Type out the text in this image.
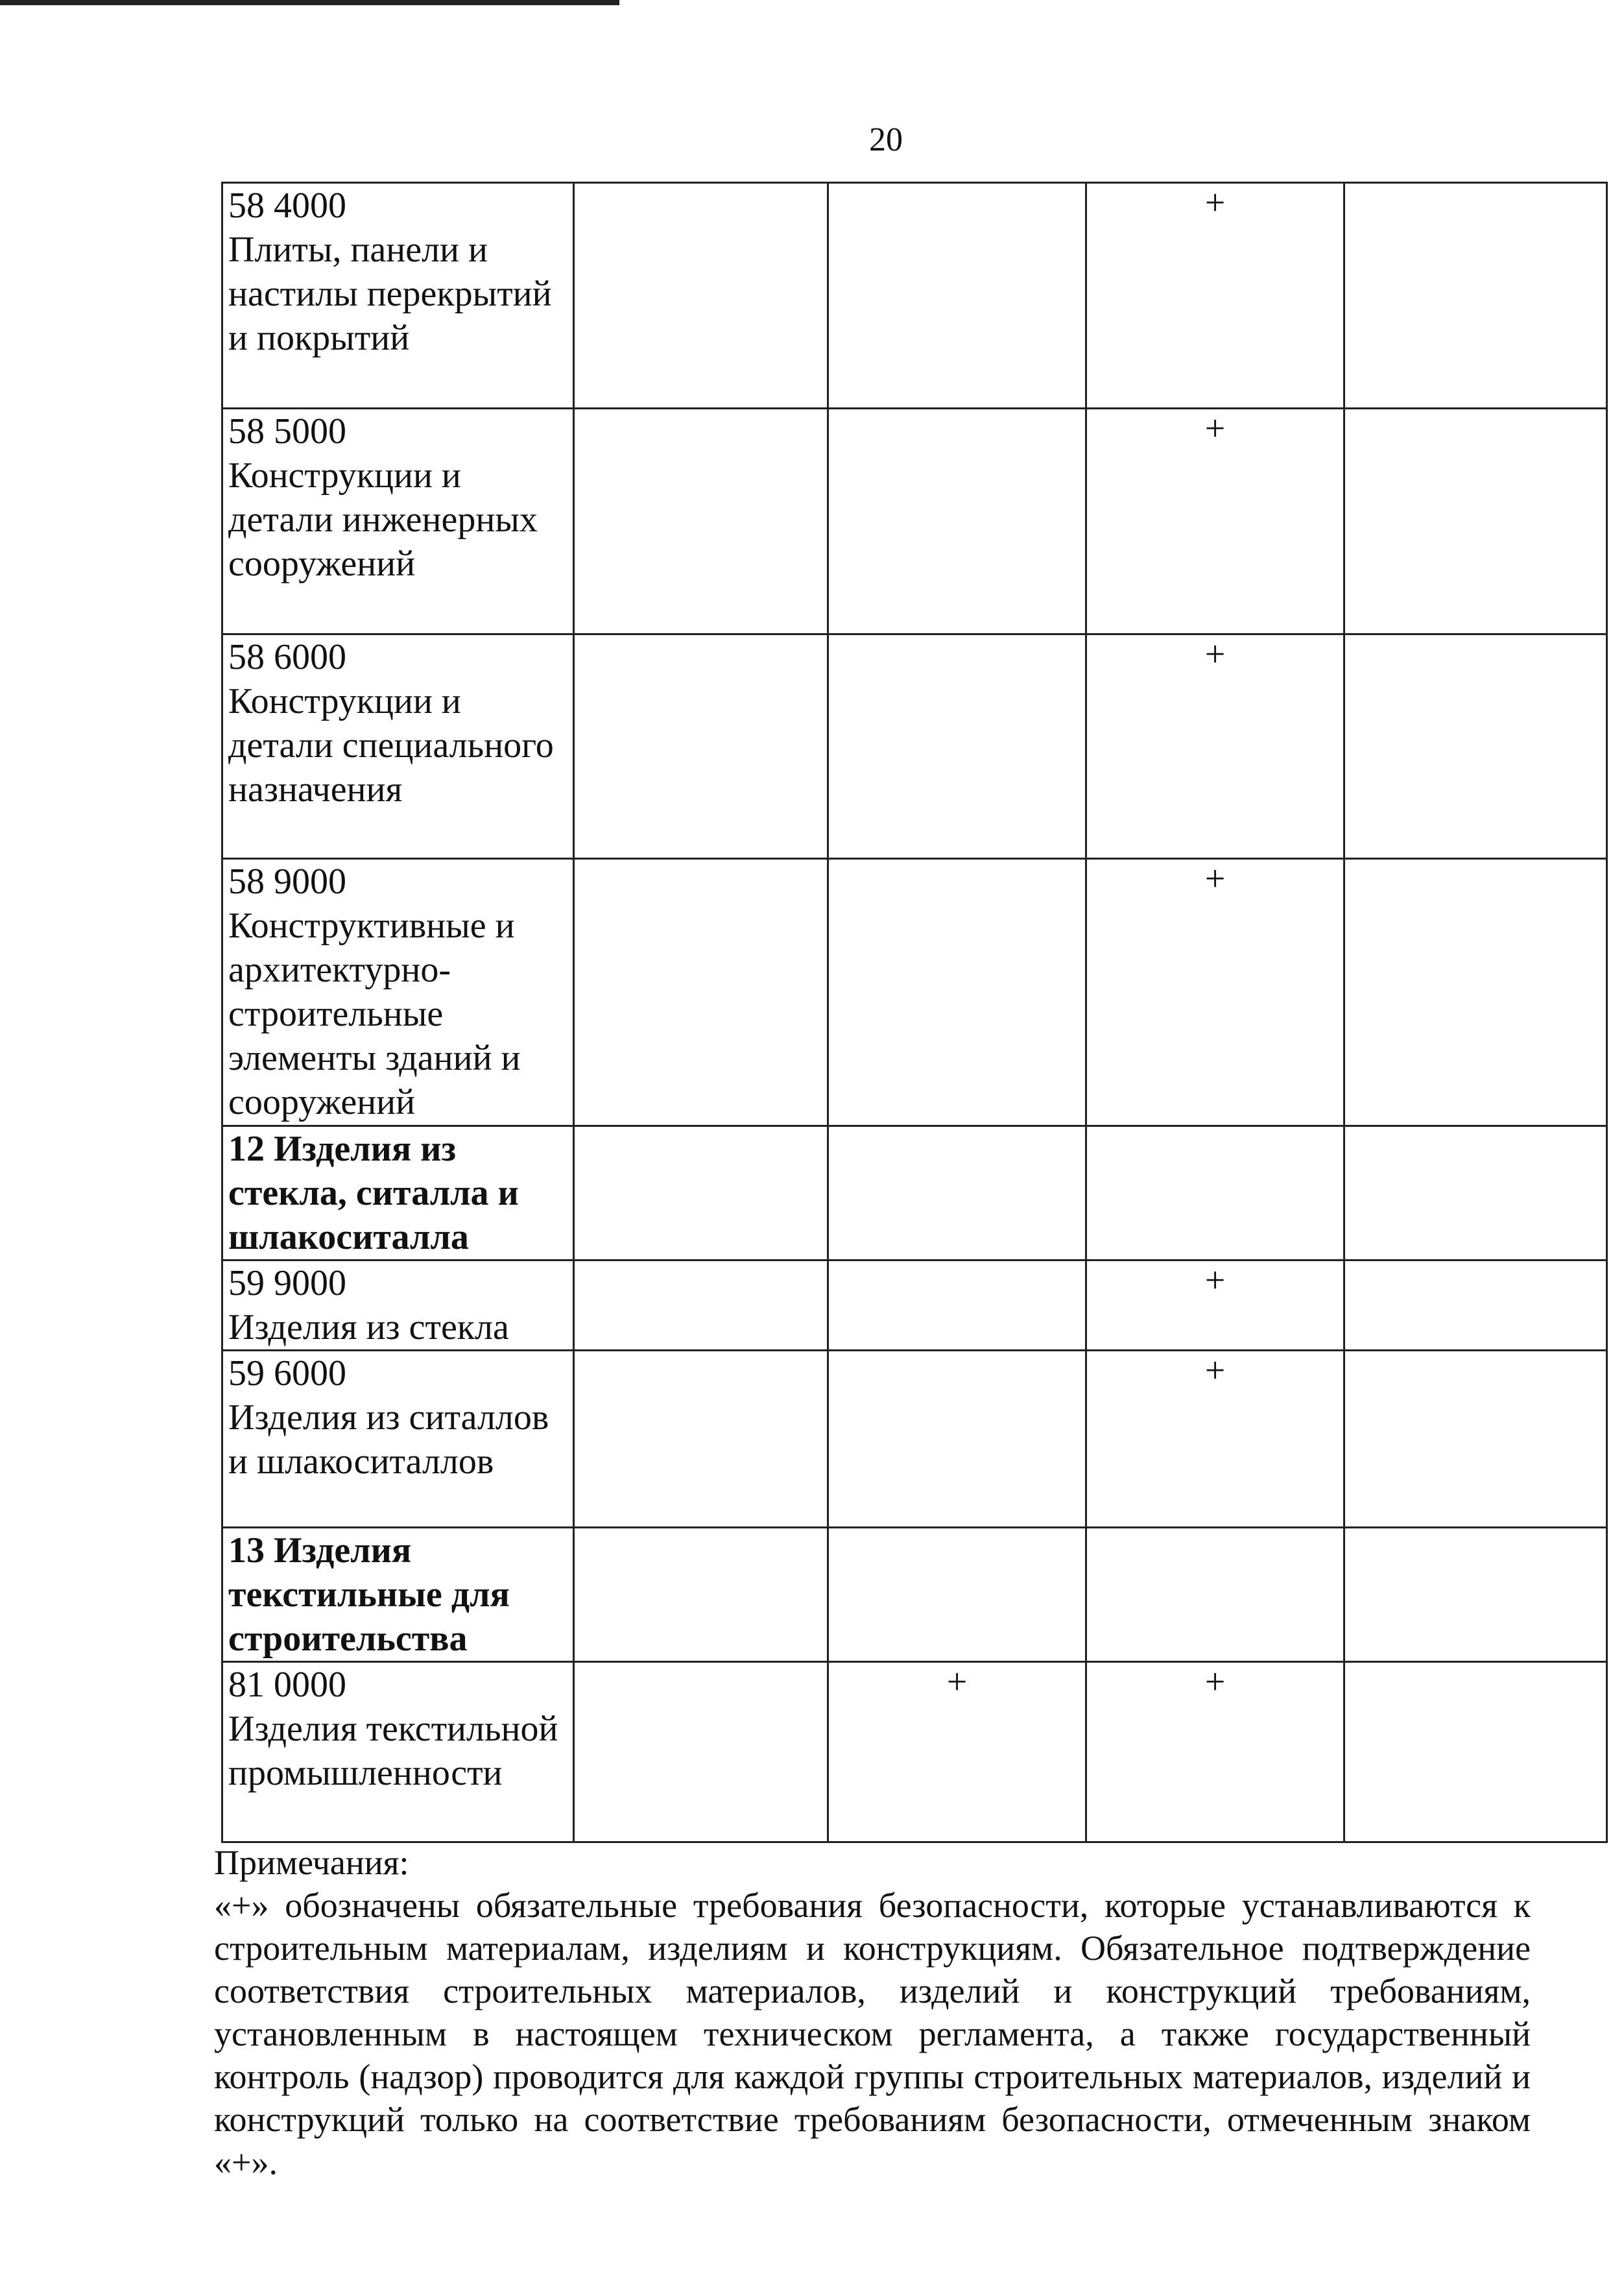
20
58 4000
Плиты, панели и настилы перекрытий и покрытий			+	

58 5000
Конструкции и детали инженерных сооружений			+	

58 6000
Конструкции и детали специального назначения			+	

58 9000
Конструктивные и архитектурно-строительные элементы зданий и сооружений			+	

12 Изделия из стекла, ситалла и шлакоситалла				

59 9000
Изделия из стекла			+	

59 6000
Изделия из ситаллов и шлакоситаллов			+	

13 Изделия текстильные для строительства				

81 0000
Изделия текстильной промышленности		+	+	
Примечания:

«+» обозначены обязательные требования безопасности, которые устанавливаются к строительным материалам, изделиям и конструкциям. Обязательное подтверждение соответствия строительных материалов, изделий и конструкций требованиям, установленным в настоящем техническом регламента, а также государственный контроль (надзор) проводится для каждой группы строительных материалов, изделий и конструкций только на соответствие требованиям безопасности, отмеченным знаком «+».
